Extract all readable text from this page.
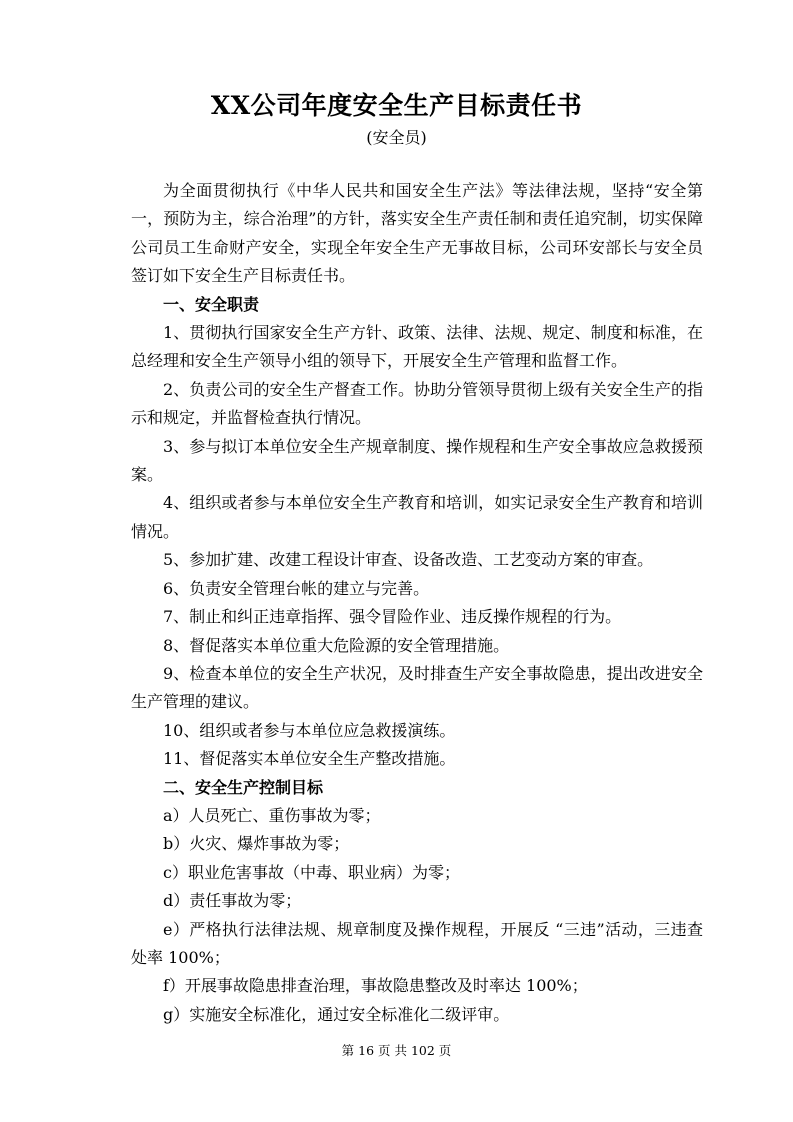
XX公司年度安全生产目标责任书
(安全员)

为全面贯彻执行《中华人民共和国安全生产法》等法律法规，坚持“安全第一，预防为主，综合治理”的方针，落实安全生产责任制和责任追究制，切实保障公司员工生命财产安全，实现全年安全生产无事故目标，公司环安部长与安全员签订如下安全生产目标责任书。

一、安全职责

1、贯彻执行国家安全生产方针、政策、法律、法规、规定、制度和标准，在总经理和安全生产领导小组的领导下，开展安全生产管理和监督工作。

2、负责公司的安全生产督查工作。协助分管领导贯彻上级有关安全生产的指示和规定，并监督检查执行情况。

3、参与拟订本单位安全生产规章制度、操作规程和生产安全事故应急救援预案。

4、组织或者参与本单位安全生产教育和培训，如实记录安全生产教育和培训情况。

5、参加扩建、改建工程设计审查、设备改造、工艺变动方案的审查。

6、负责安全管理台帐的建立与完善。

7、制止和纠正违章指挥、强令冒险作业、违反操作规程的行为。

8、督促落实本单位重大危险源的安全管理措施。

9、检查本单位的安全生产状况，及时排查生产安全事故隐患，提出改进安全生产管理的建议。

10、组织或者参与本单位应急救援演练。

11、督促落实本单位安全生产整改措施。

二、安全生产控制目标

a）人员死亡、重伤事故为零；

b）火灾、爆炸事故为零；

c）职业危害事故（中毒、职业病）为零；

d）责任事故为零；

e）严格执行法律法规、规章制度及操作规程，开展反 “三违”活动，三违查处率 100%；

f）开展事故隐患排查治理，事故隐患整改及时率达 100%；

g）实施安全标准化，通过安全标准化二级评审。

第 16 页 共 102 页
